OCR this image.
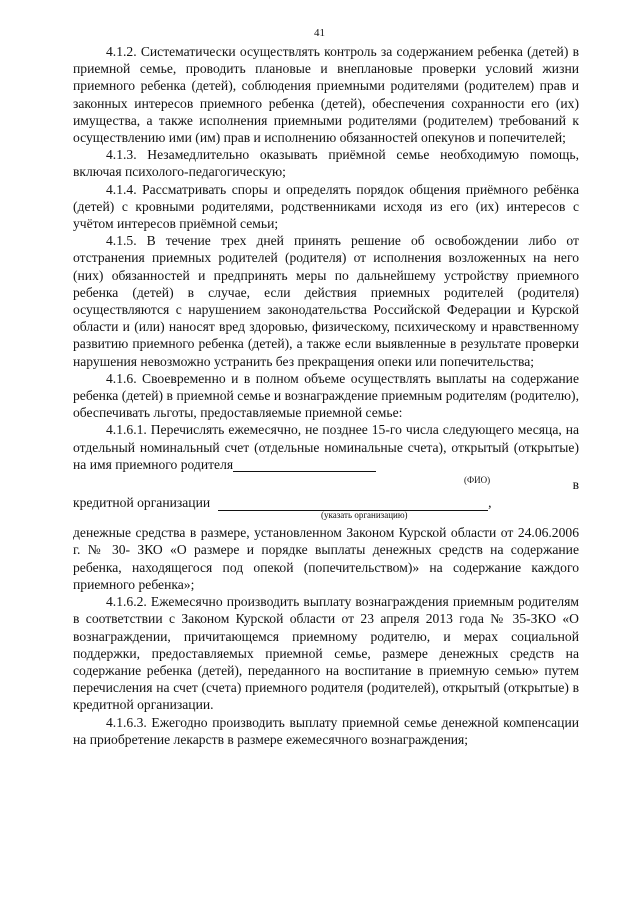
41

4.1.2. Систематически осуществлять контроль за содержанием ребенка (детей) в приемной семье, проводить плановые и внеплановые проверки условий жизни приемного ребенка (детей), соблюдения приемными родителями (родителем) прав и законных интересов приемного ребенка (детей), обеспечения сохранности его (их) имущества, а также исполнения приемными родителями (родителем) требований к осуществлению ими (им) прав и исполнению обязанностей опекунов и попечителей;

4.1.3. Незамедлительно оказывать приёмной семье необходимую помощь, включая психолого-педагогическую;

4.1.4. Рассматривать споры и определять порядок общения приёмного ребёнка (детей) с кровными родителями, родственниками исходя из его (их) интересов с учётом интересов приёмной семьи;

4.1.5. В течение трех дней принять решение об освобождении либо от отстранения приемных родителей (родителя) от исполнения возложенных на него (них) обязанностей и предпринять меры по дальнейшему устройству приемного ребенка (детей) в случае, если действия приемных родителей (родителя) осуществляются с нарушением законодательства Российской Федерации и Курской области и (или) наносят вред здоровью, физическому, психическому и нравственному развитию приемного ребенка (детей), а также если выявленные в результате проверки нарушения невозможно устранить без прекращения опеки или попечительства;

4.1.6. Своевременно и в полном объеме осуществлять выплаты на содержание ребенка (детей) в приемной семье и вознаграждение приемным родителям (родителю), обеспечивать льготы, предоставляемые приемной семье:

4.1.6.1. Перечислять ежемесячно, не позднее 15-го числа следующего месяца, на отдельный номинальный счет (отдельные номинальные счета), открытый (открытые) на имя приемного родителя

(ФИО)	в
кредитной организации	,
(указать организацию)

денежные средства в размере, установленном Законом Курской области от 24.06.2006 г. № 30- ЗКО «О размере и порядке выплаты денежных средств на содержание ребенка, находящегося под опекой (попечительством)» на содержание каждого приемного ребенка»;

4.1.6.2. Ежемесячно производить выплату вознаграждения приемным родителям в соответствии с Законом Курской области от 23 апреля 2013 года № 35-ЗКО «О вознаграждении, причитающемся приемному родителю, и мерах социальной поддержки, предоставляемых приемной семье, размере денежных средств на содержание ребенка (детей), переданного на воспитание в приемную семью» путем перечисления на счет (счета) приемного родителя (родителей), открытый (открытые) в кредитной организации.

4.1.6.3. Ежегодно производить выплату приемной семье денежной компенсации на приобретение лекарств в размере ежемесячного вознаграждения;
